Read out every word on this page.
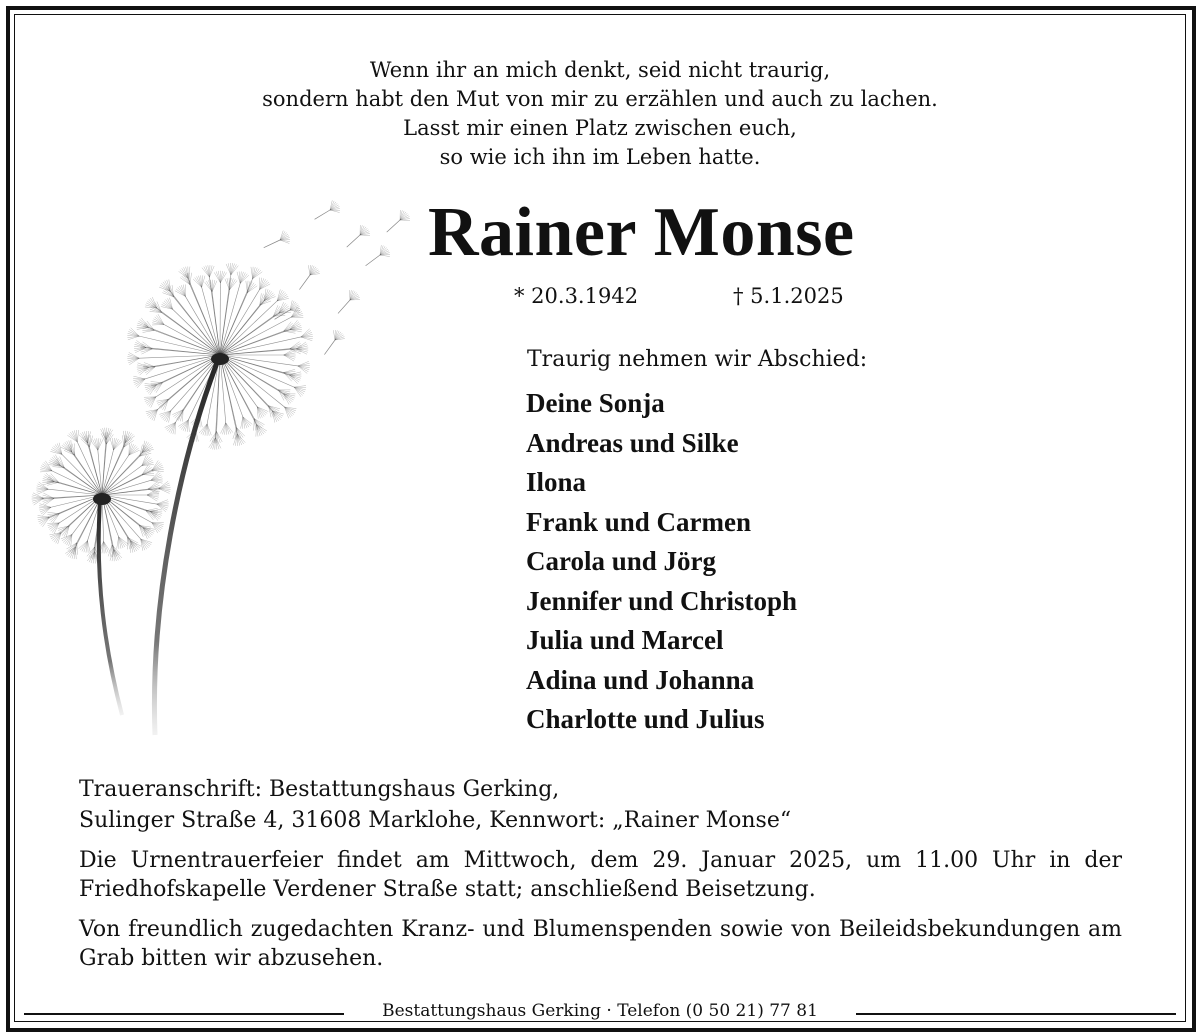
Wenn ihr an mich denkt, seid nicht traurig,
sondern habt den Mut von mir zu erzählen und auch zu lachen.
Lasst mir einen Platz zwischen euch,
so wie ich ihn im Leben hatte.
Rainer Monse
* 20.3.1942	† 5.1.2025
Traurig nehmen wir Abschied:
Deine Sonja
Andreas und Silke
Ilona
Frank und Carmen
Carola und Jörg
Jennifer und Christoph
Julia und Marcel
Adina und Johanna
Charlotte und Julius
Traueranschrift: Bestattungshaus Gerking,
Sulinger Straße 4, 31608 Marklohe, Kennwort: „Rainer Monse“
Die Urnentrauerfeier findet am Mittwoch, dem 29. Januar 2025, um 11.00 Uhr in der Friedhofskapelle Verdener Straße statt; anschließend Beisetzung.
Von freundlich zugedachten Kranz- und Blumenspenden sowie von Beileidsbekundungen am Grab bitten wir abzusehen.
Bestattungshaus Gerking · Telefon (0 50 21) 77 81
